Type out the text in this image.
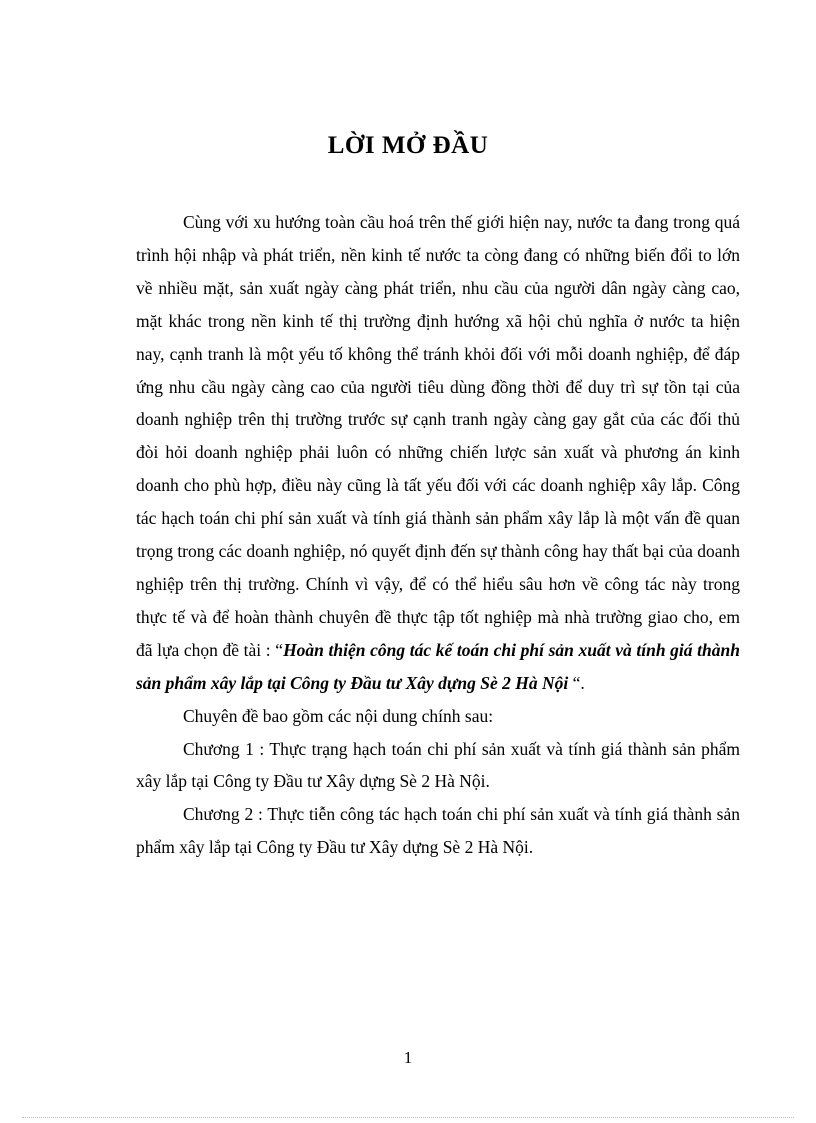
LỜI MỞ ĐẦU

Cùng với xu hướng toàn cầu hoá trên thế giới hiện nay, nước ta đang trong quá trình hội nhập và phát triển, nền kinh tế nước ta còng đang có những biến đổi to lớn về nhiều mặt, sản xuất ngày càng phát triển, nhu cầu của người dân ngày càng cao, mặt khác trong nền kinh tế thị trường định hướng xã hội chủ nghĩa ở nước ta hiện nay, cạnh tranh là một yếu tố không thể tránh khỏi đối với mỗi doanh nghiệp, để đáp ứng nhu cầu ngày càng cao của người tiêu dùng đồng thời để duy trì sự tồn tại của doanh nghiệp trên thị trường trước sự cạnh tranh ngày càng gay gắt của các đối thủ đòi hỏi doanh nghiệp phải luôn có những chiến lược sản xuất và phương án kinh doanh cho phù hợp, điều này cũng là tất yếu đối với các doanh nghiệp xây lắp. Công tác hạch toán chi phí sản xuất và tính giá thành sản phẩm xây lắp là một vấn đề quan trọng trong các doanh nghiệp, nó quyết định đến sự thành công hay thất bại của doanh nghiệp trên thị trường. Chính vì vậy, để có thể hiểu sâu hơn về công tác này trong thực tế và để hoàn thành chuyên đề thực tập tốt nghiệp mà nhà trường giao cho, em đã lựa chọn đề tài : “Hoàn thiện công tác kế toán chi phí sản xuất và tính giá thành sản phẩm xây lắp tại Công ty Đầu tư Xây dựng Sè 2 Hà Nội “.

Chuyên đề bao gồm các nội dung chính sau:

Chương 1 : Thực trạng hạch toán chi phí sản xuất và tính giá thành sản phẩm xây lắp tại Công ty Đầu tư Xây dựng Sè 2 Hà Nội.

Chương 2 : Thực tiễn công tác hạch toán chi phí sản xuất và tính giá thành sản phẩm xây lắp tại Công ty Đầu tư Xây dựng Sè 2 Hà Nội.

1
